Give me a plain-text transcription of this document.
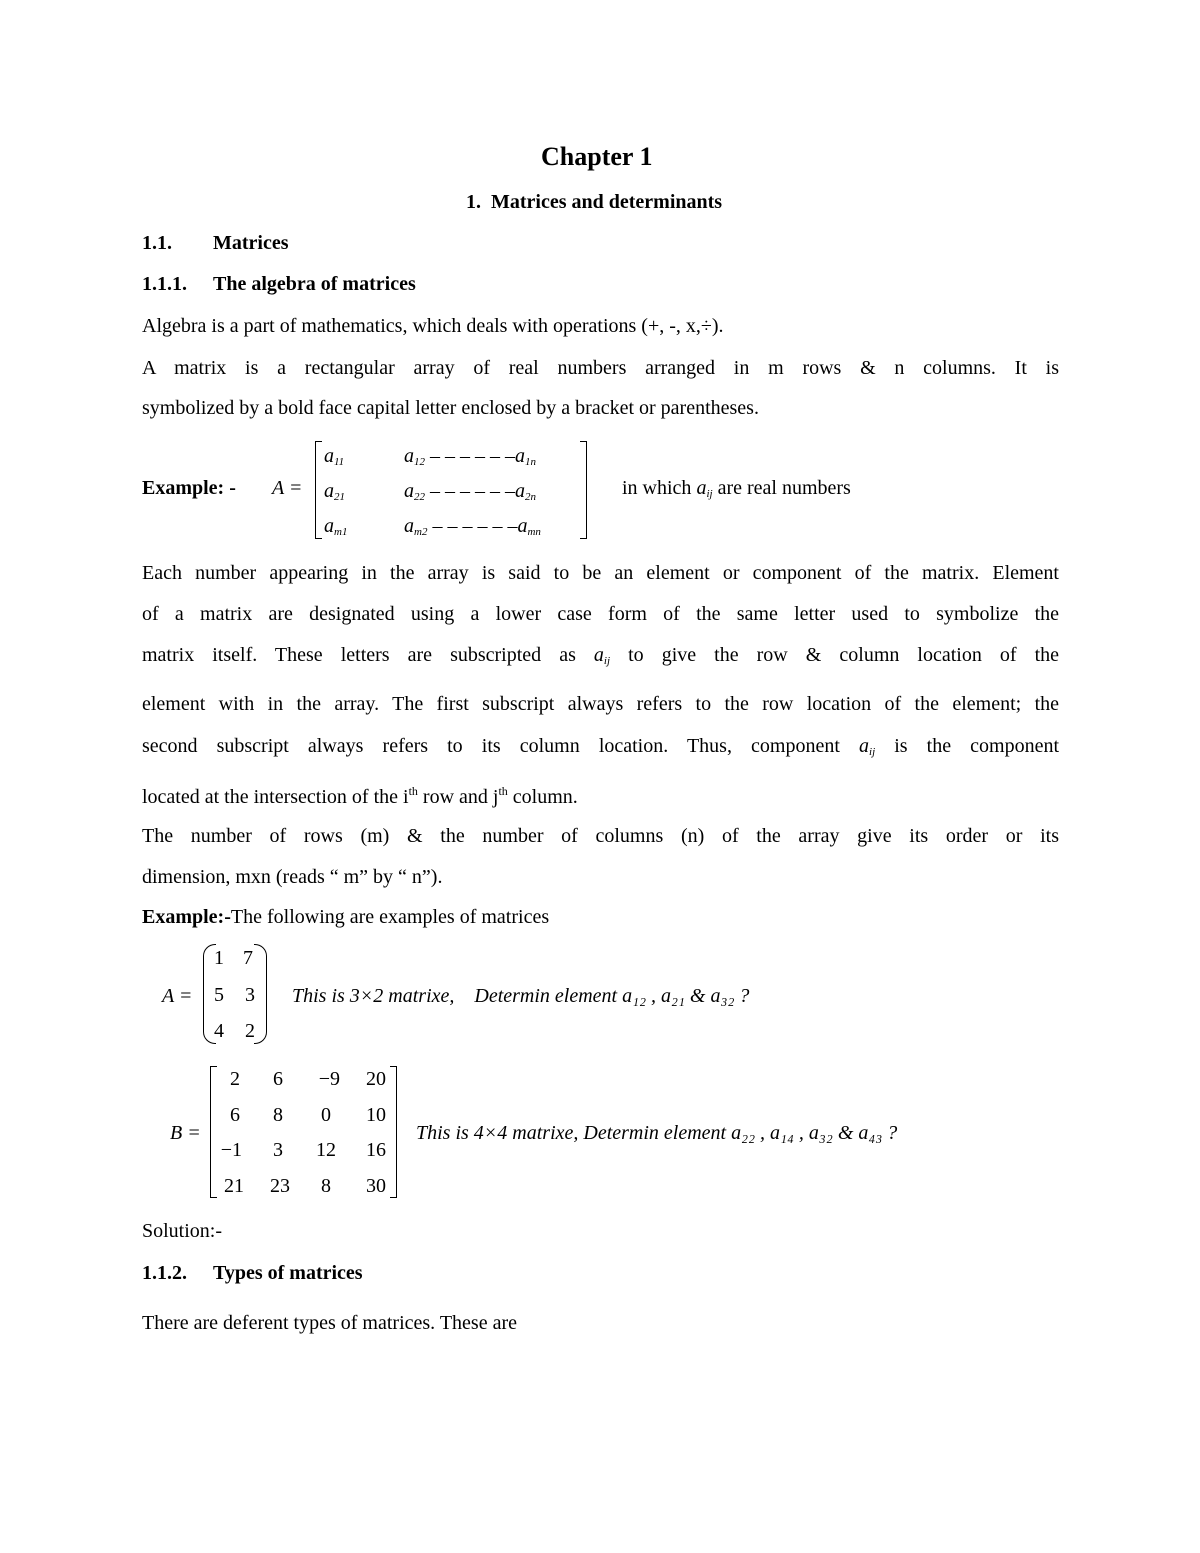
Chapter 1
1.  Matrices and determinants
1.1. Matrices
1.1.1. The algebra of matrices
Algebra is a part of mathematics, which deals with operations (+, -, x,÷).
A matrix is a rectangular array of real numbers arranged in m rows & n columns. It is
symbolized by a bold face capital letter enclosed by a bracket or parentheses.
Example: - A =
$a_{11}$	$a_{12}$ – – – – – $-a_{1n}$
$a_{21}$	$a_{22}$ – – – – – $-a_{2n}$
$a_{m1}$	$a_{m2}$ – – – – – $-a_{mn}$
in which $a_{ij}$ are real numbers
Each number appearing in the array is said to be an element or component of the matrix. Element
of a matrix are designated using a lower case form of the same letter used to symbolize the
matrix itself. These letters are subscripted as $a_{ij}$ to give the row & column location of the
element with in the array. The first subscript always refers to the row location of the element; the
second subscript always refers to its column location. Thus, component $a_{ij}$ is the component
located at the intersection of the $i^{th}$ row and $j^{th}$ column.
The number of rows (m) & the number of columns (n) of the array give its order or its
dimension, mxn (reads “ m” by “ n”).
Example:-The following are examples of matrices
A =
1 7
5 3
4 2
This is 3×2 matrixe,    Determin element a₁₂ , a₂₁ & a₃₂ ?
B =
2	6	−9	20
6	8	0	10
−1	3	12	16
21	23	8	30
This is 4×4 matrixe, Determin element a₂₂ , a₁₄ , a₃₂ & a₄₃ ?
Solution:-
1.1.2. Types of matrices
There are deferent types of matrices. These are
